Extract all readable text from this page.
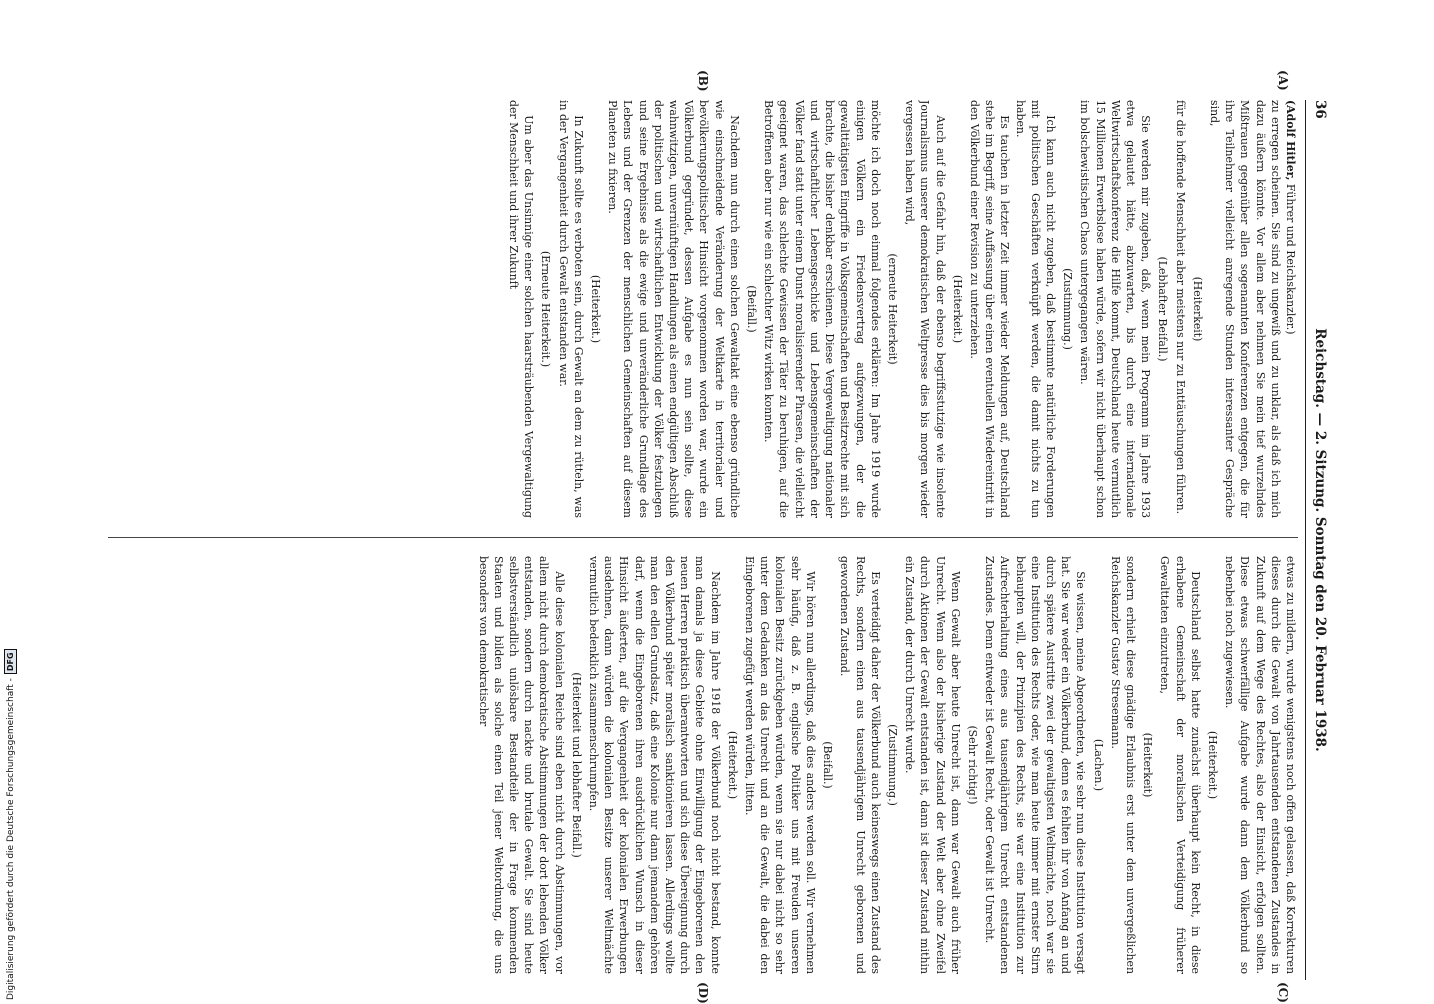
36
Reichstag. — 2. Sitzung. Sonntag den 20. Februar 1938.
(A)
(B)
(C)
(D)

(Adolf Hitler, Führer und Reichskanzler.)

zu erregen scheinen. Sie sind zu ungewiß und zu unklar, als daß ich mich dazu äußern könnte. Vor allem aber nehmen Sie mein tief wurzelndes Mißtrauen gegenüber allen sogenannten Konferenzen entgegen, die für ihre Teilnehmer vielleicht anregende Stunden interessanter Gespräche sind,

(Heiterkeit)

für die hoffende Menschheit aber meistens nur zu Enttäuschungen führen.

(Lebhafter Beifall.)

Sie werden mir zugeben, daß, wenn mein Programm im Jahre 1933 etwa gelautet hätte, abzuwarten, bis durch eine internationale Weltwirtschaftskonferenz die Hilfe kommt, Deutschland heute vermutlich 15 Millionen Erwerbslose haben würde, sofern wir nicht überhaupt schon im bolschewistischen Chaos untergegangen wären.

(Zustimmung.)

Ich kann auch nicht zugeben, daß bestimmte natürliche Forderungen mit politischen Geschäften verknüpft werden, die damit nichts zu tun haben.

Es tauchen in letzter Zeit immer wieder Meldungen auf, Deutschland stehe im Begriff, seine Auffassung über einen eventuellen Wiedereintritt in den Völkerbund einer Revision zu unterziehen.

(Heiterkeit.)

Auch auf die Gefahr hin, daß der ebenso begriffsstutzige wie insolente Journalismus unserer demokratischen Weltpresse dies bis morgen wieder vergessen haben wird,

(erneute Heiterkeit)

möchte ich doch noch einmal folgendes erklären: Im Jahre 1919 wurde einigen Völkern ein Friedensvertrag aufgezwungen, der die gewalttätigsten Eingriffe in Volksgemeinschaften und Besitzrechte mit sich brachte, die bisher denkbar erschienen. Diese Vergewaltigung nationaler und wirtschaftlicher Lebensgeschicke und Lebensgemeinschaften der Völker fand statt unter einem Dunst moralisierender Phrasen, die vielleicht geeignet waren, das schlechte Gewissen der Täter zu beruhigen, auf die Betroffenen aber nur wie ein schlechter Witz wirken konnten.

(Beifall.)

Nachdem nun durch einen solchen Gewaltakt eine ebenso gründliche wie einschneidende Veränderung der Weltkarte in territorialer und bevölkerungspolitischer Hinsicht vorgenommen worden war, wurde ein Völkerbund gegründet, dessen Aufgabe es nun sein sollte, diese wahnwitzigen, unvernünftigen Handlungen als einen endgültigen Abschluß der politischen und wirtschaftlichen Entwicklung der Völker festzulegen und seine Ergebnisse als die ewige und unveränderliche Grundlage des Lebens und der Grenzen der menschlichen Gemeinschaften auf diesem Planeten zu fixieren.

(Heiterkeit.)

In Zukunft sollte es verboten sein, durch Gewalt an dem zu rütteln, was in der Vergangenheit durch Gewalt entstanden war.

(Erneute Heiterkeit.)

Um aber das Unsinnige einer solchen haarsträubenden Vergewaltigung der Menschheit und ihrer Zukunft

etwas zu mildern, wurde wenigstens noch offen gelassen, daß Korrekturen dieses durch die Gewalt von Jahrtausenden entstandenen Zustandes in Zukunft auf dem Wege des Rechtes, also der Einsicht, erfolgen sollten. Diese etwas schwerfällige Aufgabe wurde dann dem Völkerbund so nebenbei noch zugewiesen.

(Heiterkeit.)

Deutschland selbst hatte zunächst überhaupt kein Recht, in diese erhabene Gemeinschaft der moralischen Verteidigung früherer Gewalttaten einzutreten,

(Heiterkeit)

sondern erhielt diese gnädige Erlaubnis erst unter dem unvergeßlichen Reichskanzler Gustav Stresemann.

(Lachen.)

Sie wissen, meine Abgeordneten, wie sehr nun diese Institution versagt hat. Sie war weder ein Völkerbund, denn es fehlten ihr von Anfang an und durch spätere Austritte zwei der gewaltigsten Weltmächte, noch war sie eine Institution des Rechts oder, wie man heute immer mit ernster Stirn behaupten will, der Prinzipien des Rechts, sie war eine Institution zur Aufrechterhaltung eines aus tausendjährigem Unrecht entstandenen Zustandes. Denn entweder ist Gewalt Recht, oder Gewalt ist Unrecht.

(Sehr richtig!)

Wenn Gewalt aber heute Unrecht ist, dann war Gewalt auch früher Unrecht. Wenn also der bisherige Zustand der Welt aber ohne Zweifel durch Aktionen der Gewalt entstanden ist, dann ist dieser Zustand mithin ein Zustand, der durch Unrecht wurde.

(Zustimmung.)

Es verteidigt daher der Völkerbund auch keineswegs einen Zustand des Rechts, sondern einen aus tausendjährigem Unrecht geborenen und gewordenen Zustand.

(Beifall.)

Wir hören nun allerdings, daß dies anders werden soll. Wir vernehmen sehr häufig, daß z. B. englische Politiker uns mit Freuden unseren kolonialen Besitz zurückgeben würden, wenn sie nur dabei nicht so sehr unter dem Gedanken an das Unrecht und an die Gewalt, die dabei den Eingeborenen zugefügt werden würden, litten.

(Heiterkeit.)

Nachdem im Jahre 1918 der Völkerbund noch nicht bestand, konnte man damals ja diese Gebiete ohne Einwilligung der Eingeborenen den neuen Herren praktisch überantworten und sich diese Übereignung durch den Völkerbund später moralisch sanktionieren lassen. Allerdings wollte man den edlen Grundsatz, daß eine Kolonie nur dann jemandem gehören darf, wenn die Eingeborenen ihren ausdrücklichen Wunsch in dieser Hinsicht äußerten, auf die Vergangenheit der kolonialen Erwerbungen ausdehnen, dann würden die kolonialen Besitze unserer Weltmächte vermutlich bedenklich zusammenschrumpfen.

(Heiterkeit und lebhafter Beifall.)

Alle diese kolonialen Reiche sind eben nicht durch Abstimmungen, vor allem nicht durch demokratische Abstimmungen der dort lebenden Völker entstanden, sondern durch nackte und brutale Gewalt. Sie sind heute selbstverständlich unlösbare Bestandteile der in Frage kommenden Staaten und bilden als solche einen Teil jener Weltordnung, die uns besonders von demokratischer

Digitalisierung gefördert durch die Deutsche Forschungsgemeinschaft -DFG
